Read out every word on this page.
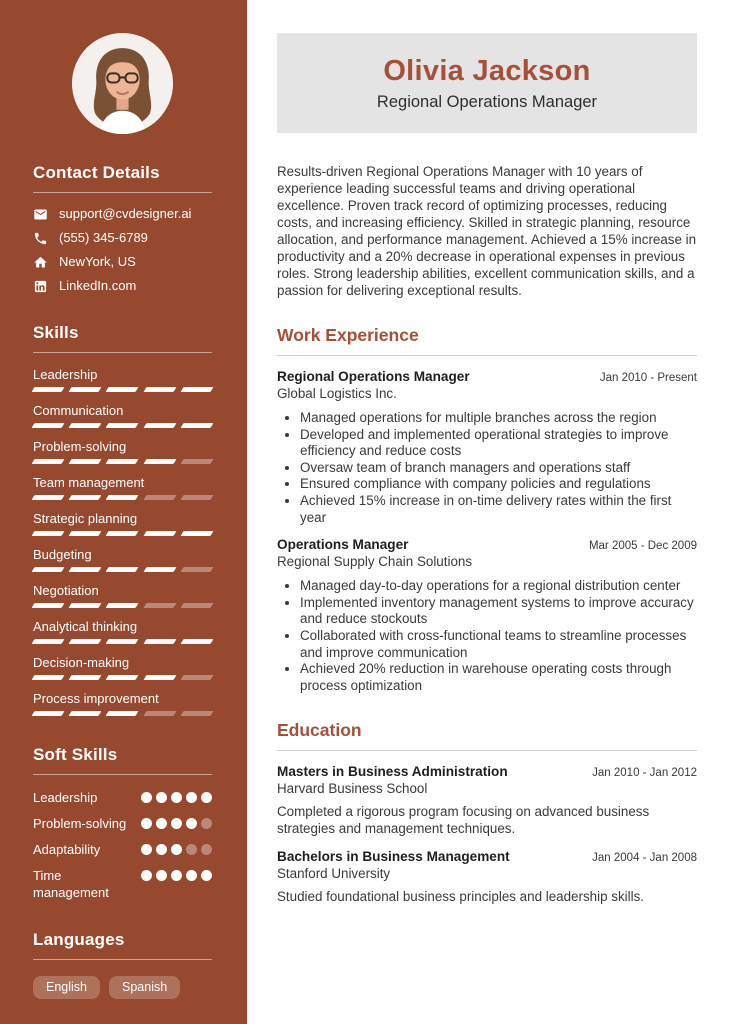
Contact Details
support@cvdesigner.ai
(555) 345-6789
NewYork, US
LinkedIn.com
Skills
Leadership
Communication
Problem-solving
Team management
Strategic planning
Budgeting
Negotiation
Analytical thinking
Decision-making
Process improvement
Soft Skills
Leadership
Problem-solving
Adaptability
Time management
Languages
English	Spanish
Olivia Jackson
Regional Operations Manager

Results-driven Regional Operations Manager with 10 years of experience leading successful teams and driving operational excellence. Proven track record of optimizing processes, reducing costs, and increasing efficiency. Skilled in strategic planning, resource allocation, and performance management. Achieved a 15% increase in productivity and a 20% decrease in operational expenses in previous roles. Strong leadership abilities, excellent communication skills, and a passion for delivering exceptional results.

Work Experience
Regional Operations Manager	Jan 2010 - Present
Global Logistics Inc.
• Managed operations for multiple branches across the region
• Developed and implemented operational strategies to improve efficiency and reduce costs
• Oversaw team of branch managers and operations staff
• Ensured compliance with company policies and regulations
• Achieved 15% increase in on-time delivery rates within the first year
Operations Manager	Mar 2005 - Dec 2009
Regional Supply Chain Solutions
• Managed day-to-day operations for a regional distribution center
• Implemented inventory management systems to improve accuracy and reduce stockouts
• Collaborated with cross-functional teams to streamline processes and improve communication
• Achieved 20% reduction in warehouse operating costs through process optimization
Education
Masters in Business Administration	Jan 2010 - Jan 2012
Harvard Business School

Completed a rigorous program focusing on advanced business strategies and management techniques.

Bachelors in Business Management	Jan 2004 - Jan 2008
Stanford University

Studied foundational business principles and leadership skills.
